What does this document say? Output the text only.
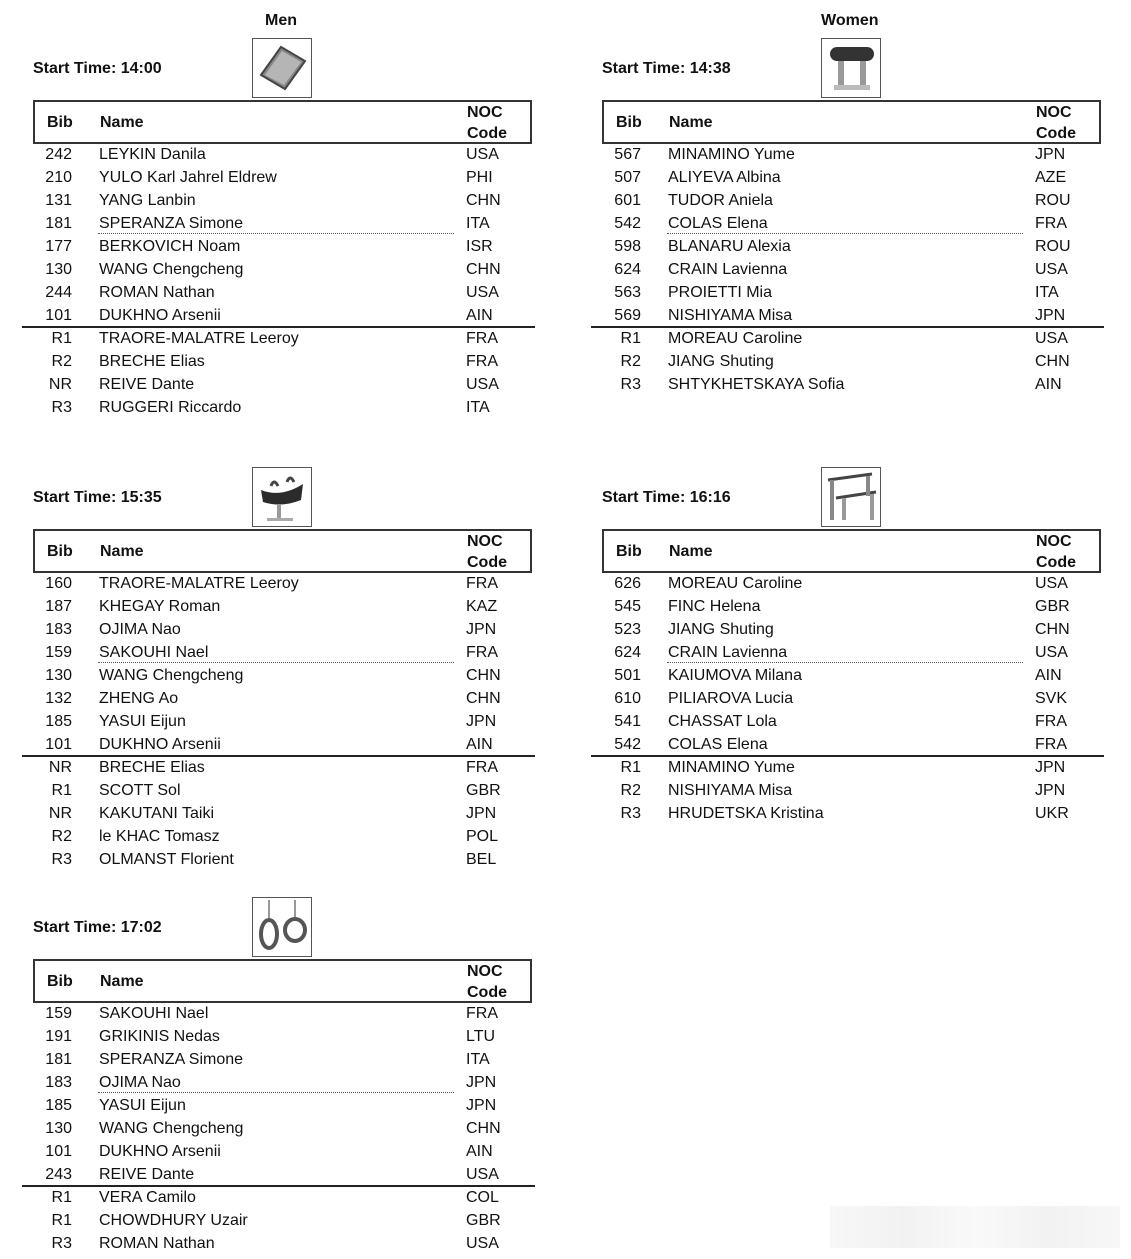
Men	Women
Start Time: 14:00
Bib Name
NOC
Code
242 LEYKIN Danila	USA
210 YULO Karl Jahrel Eldrew	PHI
131 YANG Lanbin	CHN
181 SPERANZA Simone	ITA
177 BERKOVICH Noam	ISR
130 WANG Chengcheng	CHN
244 ROMAN Nathan	USA
101 DUKHNO Arsenii	AIN
R1 TRAORE-MALATRE Leeroy	FRA
R2 BRECHE Elias	FRA
NR REIVE Dante	USA
R3 RUGGERI Riccardo	ITA
Start Time: 14:38
Bib Name
NOC
Code
567 MINAMINO Yume	JPN
507 ALIYEVA Albina	AZE
601 TUDOR Aniela	ROU
542 COLAS Elena	FRA
598 BLANARU Alexia	ROU
624 CRAIN Lavienna	USA
563 PROIETTI Mia	ITA
569 NISHIYAMA Misa	JPN
R1 MOREAU Caroline	USA
R2 JIANG Shuting	CHN
R3 SHTYKHETSKAYA Sofia	AIN
Start Time: 15:35
Bib Name
NOC
Code
160 TRAORE-MALATRE Leeroy	FRA
187 KHEGAY Roman	KAZ
183 OJIMA Nao	JPN
159 SAKOUHI Nael	FRA
130 WANG Chengcheng	CHN
132 ZHENG Ao	CHN
185 YASUI Eijun	JPN
101 DUKHNO Arsenii	AIN
NR BRECHE Elias	FRA
R1 SCOTT Sol	GBR
NR KAKUTANI Taiki	JPN
R2 le KHAC Tomasz	POL
R3 OLMANST Florient	BEL
Start Time: 16:16
Bib Name
NOC
Code
626 MOREAU Caroline	USA
545 FINC Helena	GBR
523 JIANG Shuting	CHN
624 CRAIN Lavienna	USA
501 KAIUMOVA Milana	AIN
610 PILIAROVA Lucia	SVK
541 CHASSAT Lola	FRA
542 COLAS Elena	FRA
R1 MINAMINO Yume	JPN
R2 NISHIYAMA Misa	JPN
R3 HRUDETSKA Kristina	UKR
Start Time: 17:02
Bib Name
NOC
Code
159 SAKOUHI Nael	FRA
191 GRIKINIS Nedas	LTU
181 SPERANZA Simone	ITA
183 OJIMA Nao	JPN
185 YASUI Eijun	JPN
130 WANG Chengcheng	CHN
101 DUKHNO Arsenii	AIN
243 REIVE Dante	USA
R1 VERA Camilo	COL
R1 CHOWDHURY Uzair	GBR
R3 ROMAN Nathan	USA
